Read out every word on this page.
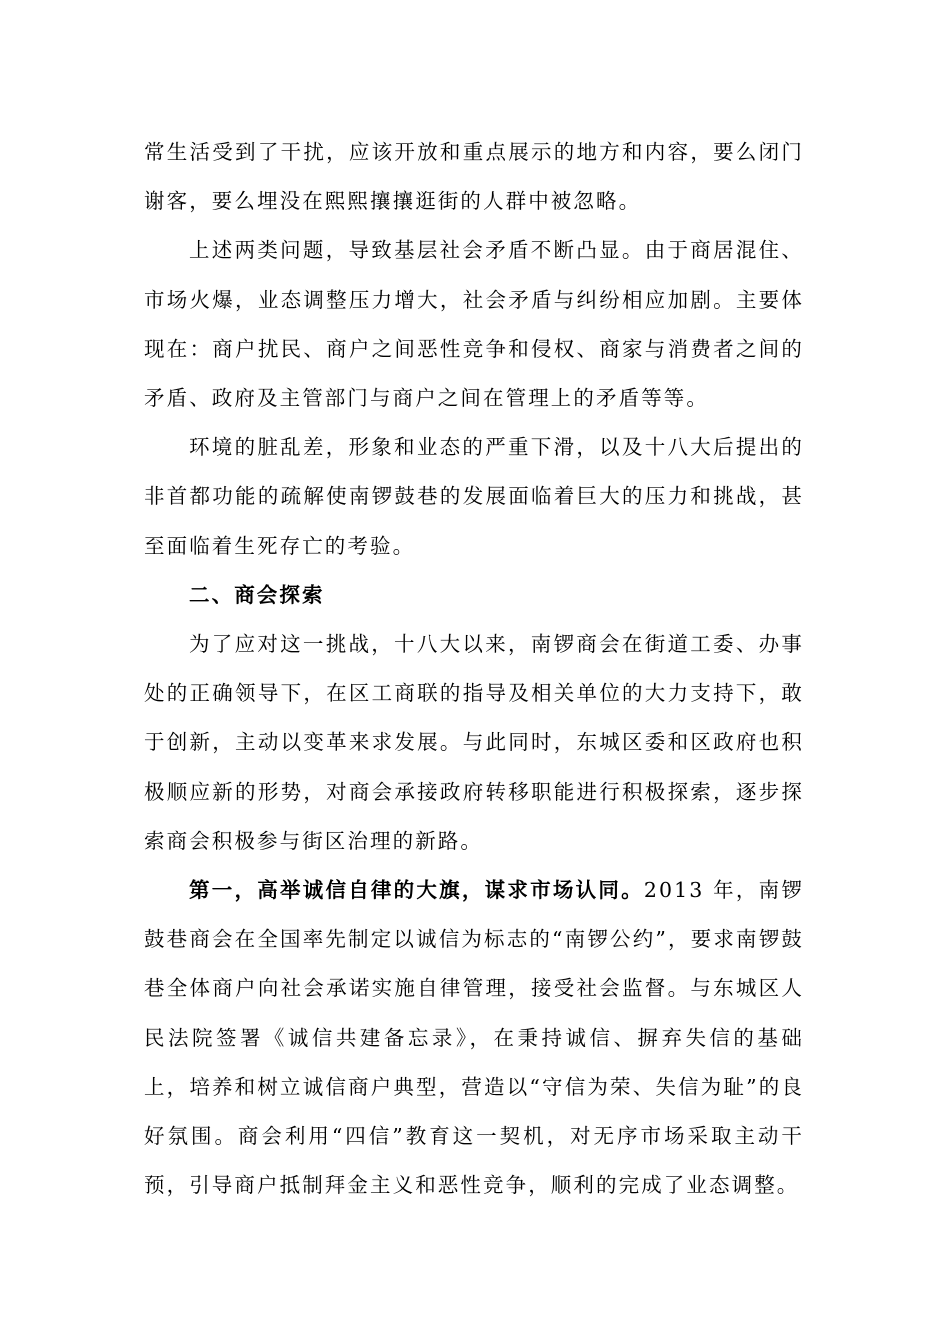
常生活受到了干扰，应该开放和重点展示的地方和内容，要么闭门谢客，要么埋没在熙熙攘攘逛街的人群中被忽略。

上述两类问题，导致基层社会矛盾不断凸显。由于商居混住、市场火爆，业态调整压力增大，社会矛盾与纠纷相应加剧。主要体现在：商户扰民、商户之间恶性竞争和侵权、商家与消费者之间的矛盾、政府及主管部门与商户之间在管理上的矛盾等等。

环境的脏乱差，形象和业态的严重下滑，以及十八大后提出的非首都功能的疏解使南锣鼓巷的发展面临着巨大的压力和挑战，甚至面临着生死存亡的考验。

二、商会探索

为了应对这一挑战，十八大以来，南锣商会在街道工委、办事处的正确领导下，在区工商联的指导及相关单位的大力支持下，敢于创新，主动以变革来求发展。与此同时，东城区委和区政府也积极顺应新的形势，对商会承接政府转移职能进行积极探索，逐步探索商会积极参与街区治理的新路。

第一，高举诚信自律的大旗，谋求市场认同。2013 年，南锣鼓巷商会在全国率先制定以诚信为标志的“南锣公约”，要求南锣鼓巷全体商户向社会承诺实施自律管理，接受社会监督。与东城区人民法院签署《诚信共建备忘录》，在秉持诚信、摒弃失信的基础上，培养和树立诚信商户典型，营造以“守信为荣、失信为耻”的良好氛围。商会利用“四信”教育这一契机，对无序市场采取主动干预，引导商户抵制拜金主义和恶性竞争，顺利的完成了业态调整。
